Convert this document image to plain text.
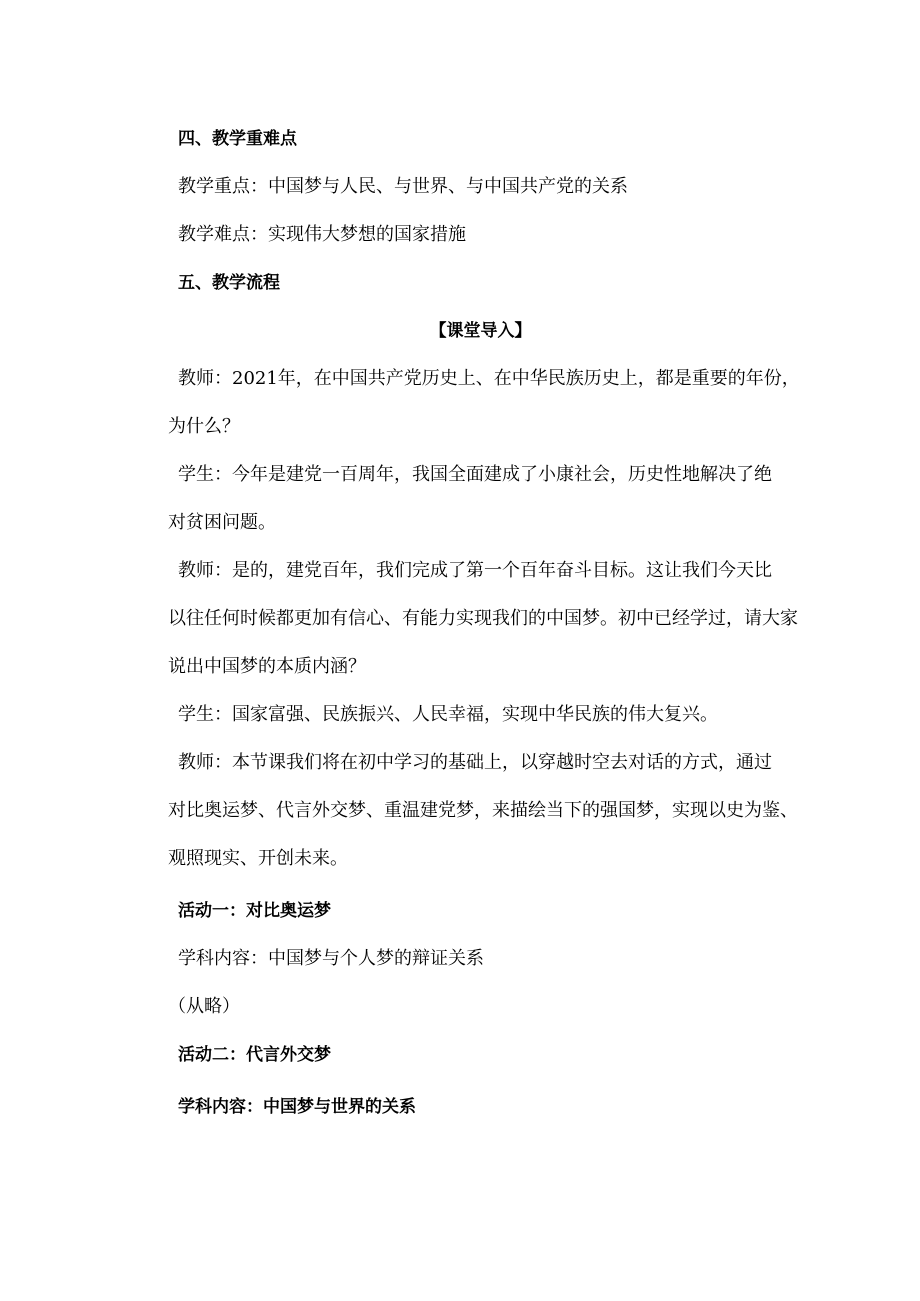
四、教学重难点
教学重点：中国梦与人民、与世界、与中国共产党的关系
教学难点：实现伟大梦想的国家措施
五、教学流程
【课堂导入】
教师：2021年，在中国共产党历史上、在中华民族历史上，都是重要的年份，
为什么？
学生：今年是建党一百周年，我国全面建成了小康社会，历史性地解决了绝
对贫困问题。
教师：是的，建党百年，我们完成了第一个百年奋斗目标。这让我们今天比
以往任何时候都更加有信心、有能力实现我们的中国梦。初中已经学过，请大家
说出中国梦的本质内涵？
学生：国家富强、民族振兴、人民幸福，实现中华民族的伟大复兴。
教师：本节课我们将在初中学习的基础上，以穿越时空去对话的方式，通过
对比奥运梦、代言外交梦、重温建党梦，来描绘当下的强国梦，实现以史为鉴、
观照现实、开创未来。
活动一：对比奥运梦
学科内容：中国梦与个人梦的辩证关系
（从略）
活动二：代言外交梦
学科内容：中国梦与世界的关系
